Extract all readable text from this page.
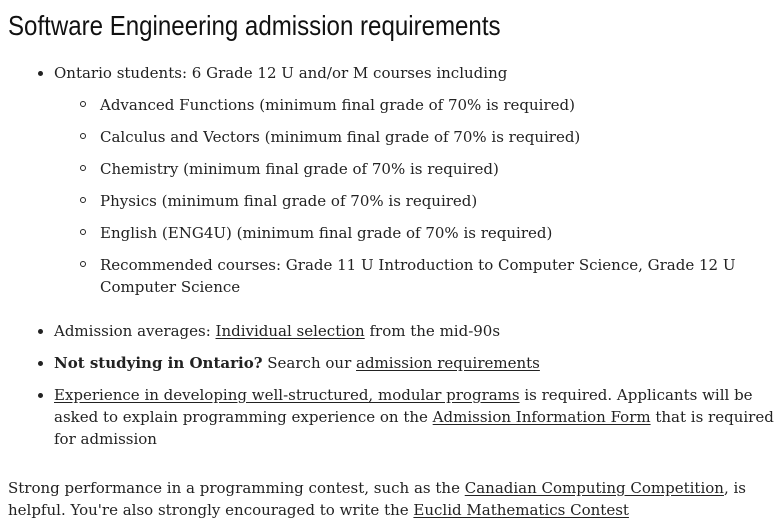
Software Engineering admission requirements
Ontario students: 6 Grade 12 U and/or M courses including
Advanced Functions (minimum final grade of 70% is required)
Calculus and Vectors (minimum final grade of 70% is required)
Chemistry (minimum final grade of 70% is required)
Physics (minimum final grade of 70% is required)
English (ENG4U) (minimum final grade of 70% is required)
Recommended courses: Grade 11 U Introduction to Computer Science, Grade 12 U Computer Science
Admission averages: Individual selection from the mid-90s
Not studying in Ontario? Search our admission requirements
Experience in developing well-structured, modular programs is required. Applicants will be asked to explain programming experience on the Admission Information Form that is required for admission

Strong performance in a programming contest, such as the Canadian Computing Competition, is helpful. You're also strongly encouraged to write the Euclid Mathematics Contest
